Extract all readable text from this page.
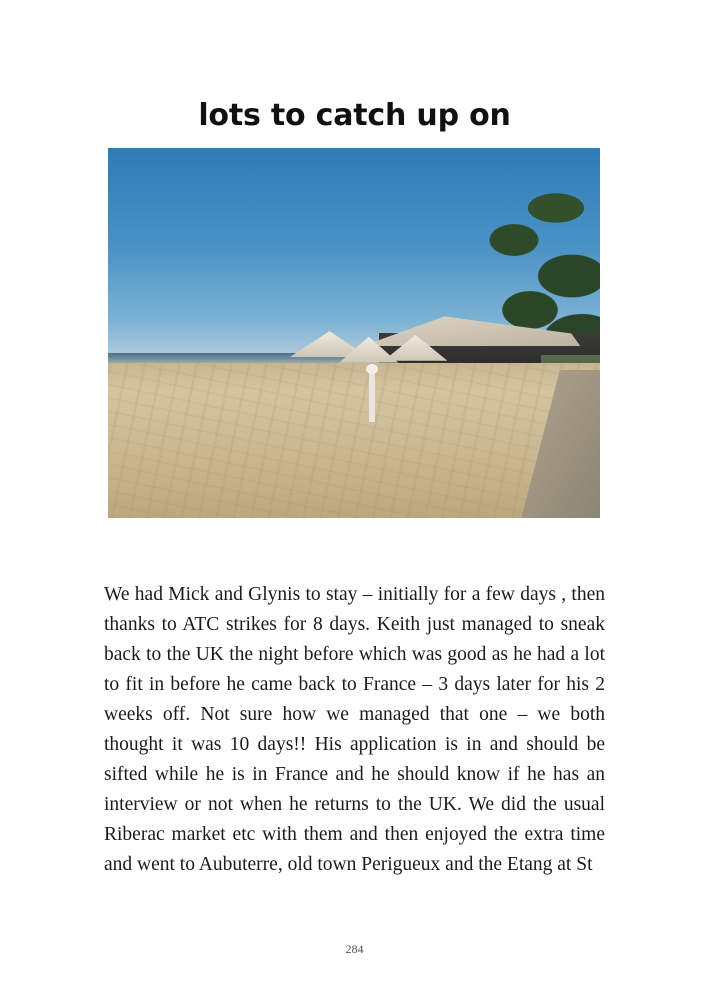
lots to catch up on

We had Mick and Glynis to stay – initially for a few days , then thanks to ATC strikes for 8 days. Keith just managed to sneak back to the UK the night before which was good as he had a lot to fit in before he came back to France – 3 days later for his 2 weeks off. Not sure how we managed that one – we both thought it was 10 days!! His application is in and should be sifted while he is in France and he should know if he has an interview or not when he returns to the UK. We did the usual Riberac market etc with them and then enjoyed the extra time and went to Aubuterre, old town Perigueux and the Etang at St

284
